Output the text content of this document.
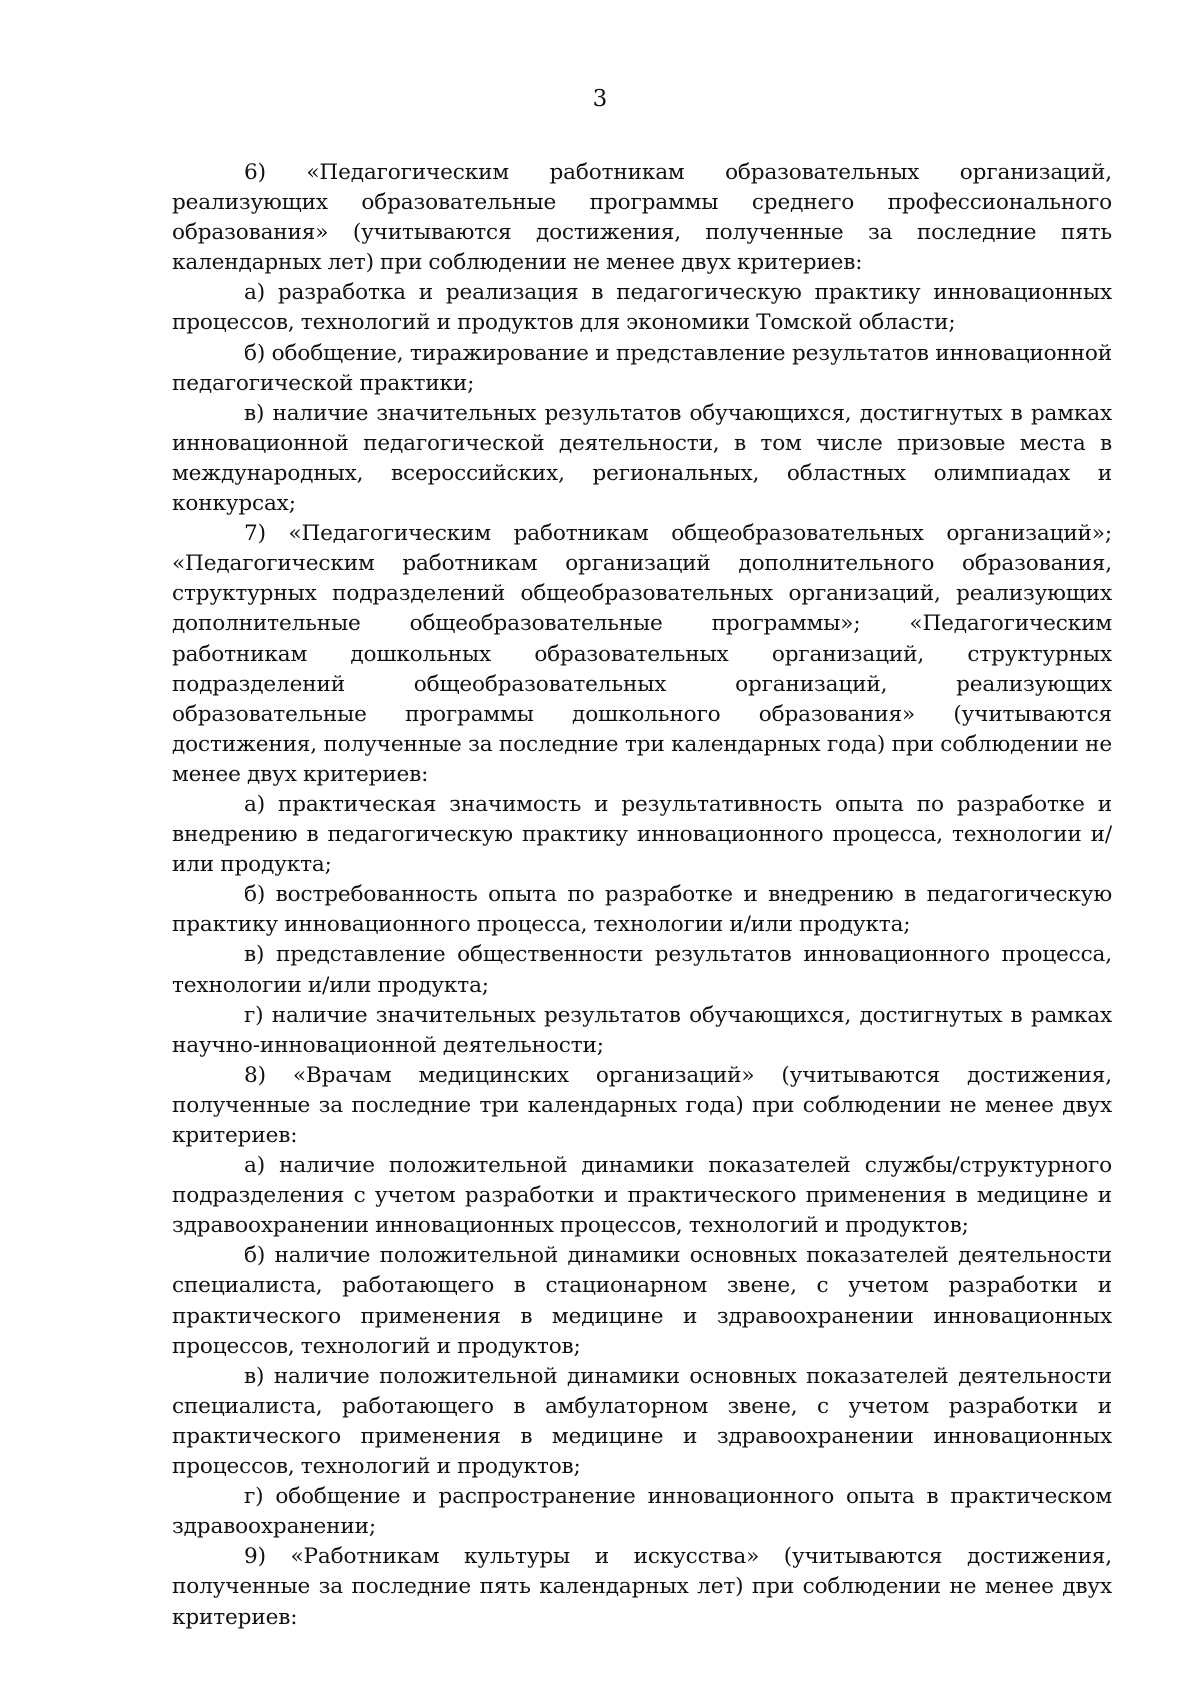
3

6) «Педагогическим работникам образовательных организаций, реализующих образовательные программы среднего профессионального образования» (учитываются достижения, полученные за последние пять календарных лет) при соблюдении не менее двух критериев:

а) разработка и реализация в педагогическую практику инновационных процессов, технологий и продуктов для экономики Томской области;

б) обобщение, тиражирование и представление результатов инновационной педагогической практики;

в) наличие значительных результатов обучающихся, достигнутых в рамках инновационной педагогической деятельности, в том числе призовые места в международных, всероссийских, региональных, областных олимпиадах и конкурсах;

7) «Педагогическим работникам общеобразовательных организаций»; «Педагогическим работникам организаций дополнительного образования, структурных подразделений общеобразовательных организаций, реализующих дополнительные общеобразовательные программы»; «Педагогическим работникам дошкольных образовательных организаций, структурных подразделений общеобразовательных организаций, реализующих образовательные программы дошкольного образования» (учитываются достижения, полученные за последние три календарных года) при соблюдении не менее двух критериев:

а) практическая значимость и результативность опыта по разработке и внедрению в педагогическую практику инновационного процесса, технологии и/или продукта;

б) востребованность опыта по разработке и внедрению в педагогическую практику инновационного процесса, технологии и/или продукта;

в) представление общественности результатов инновационного процесса, технологии и/или продукта;

г) наличие значительных результатов обучающихся, достигнутых в рамках научно-инновационной деятельности;

8) «Врачам медицинских организаций» (учитываются достижения, полученные за последние три календарных года) при соблюдении не менее двух критериев:

а) наличие положительной динамики показателей службы/структурного подразделения с учетом разработки и практического применения в медицине и здравоохранении инновационных процессов, технологий и продуктов;

б) наличие положительной динамики основных показателей деятельности специалиста, работающего в стационарном звене, с учетом разработки и практического применения в медицине и здравоохранении инновационных процессов, технологий и продуктов;

в) наличие положительной динамики основных показателей деятельности специалиста, работающего в амбулаторном звене, с учетом разработки и практического применения в медицине и здравоохранении инновационных процессов, технологий и продуктов;

г) обобщение и распространение инновационного опыта в практическом здравоохранении;

9) «Работникам культуры и искусства» (учитываются достижения, полученные за последние пять календарных лет) при соблюдении не менее двух критериев:
